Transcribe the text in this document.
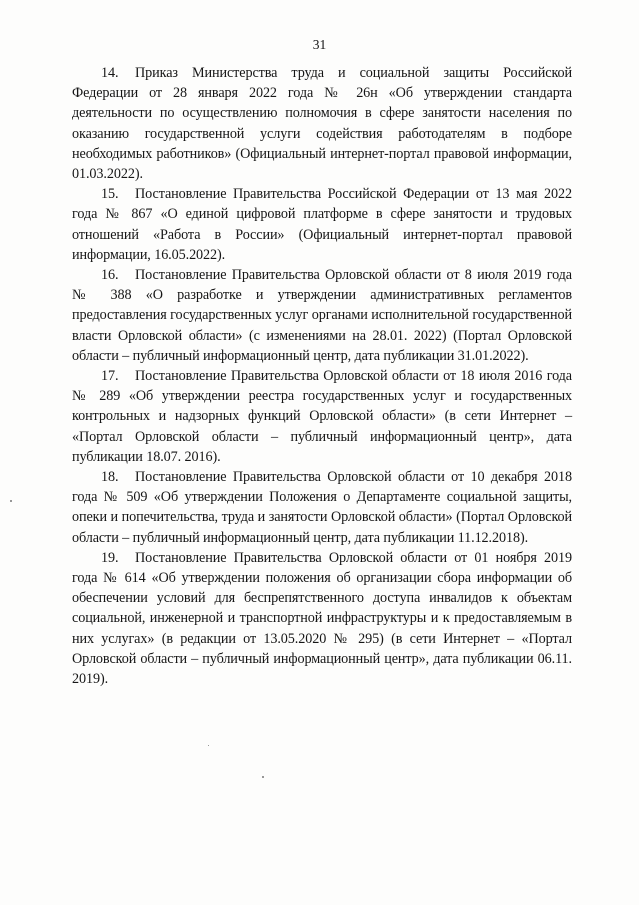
31

14. Приказ Министерства труда и социальной защиты Российской Федерации от 28 января 2022 года № 26н «Об утверждении стандарта деятельности по осуществлению полномочия в сфере занятости населения по оказанию государственной услуги содействия работодателям в подборе необходимых работников» (Официальный интернет-портал правовой информации, 01.03.2022).

15. Постановление Правительства Российской Федерации от 13 мая 2022 года № 867 «О единой цифровой платформе в сфере занятости и трудовых отношений «Работа в России» (Официальный интернет-портал правовой информации, 16.05.2022).

16. Постановление Правительства Орловской области от 8 июля 2019 года № 388 «О разработке и утверждении административных регламентов предоставления государственных услуг органами исполнительной государственной власти Орловской области» (с изменениями на 28.01. 2022) (Портал Орловской области – публичный информационный центр, дата публикации 31.01.2022).

17. Постановление Правительства Орловской области от 18 июля 2016 года № 289 «Об утверждении реестра государственных услуг и государственных контрольных и надзорных функций Орловской области» (в сети Интернет – «Портал Орловской области – публичный информационный центр», дата публикации 18.07. 2016).

18. Постановление Правительства Орловской области от 10 декабря 2018 года № 509 «Об утверждении Положения о Департаменте социальной защиты, опеки и попечительства, труда и занятости Орловской области» (Портал Орловской области – публичный информационный центр, дата публикации 11.12.2018).

19. Постановление Правительства Орловской области от 01 ноября 2019 года № 614 «Об утверждении положения об организации сбора информации об обеспечении условий для беспрепятственного доступа инвалидов к объектам социальной, инженерной и транспортной инфраструктуры и к предоставляемым в них услугах» (в редакции от 13.05.2020 № 295) (в сети Интернет – «Портал Орловской области – публичный информационный центр», дата публикации 06.11. 2019).
